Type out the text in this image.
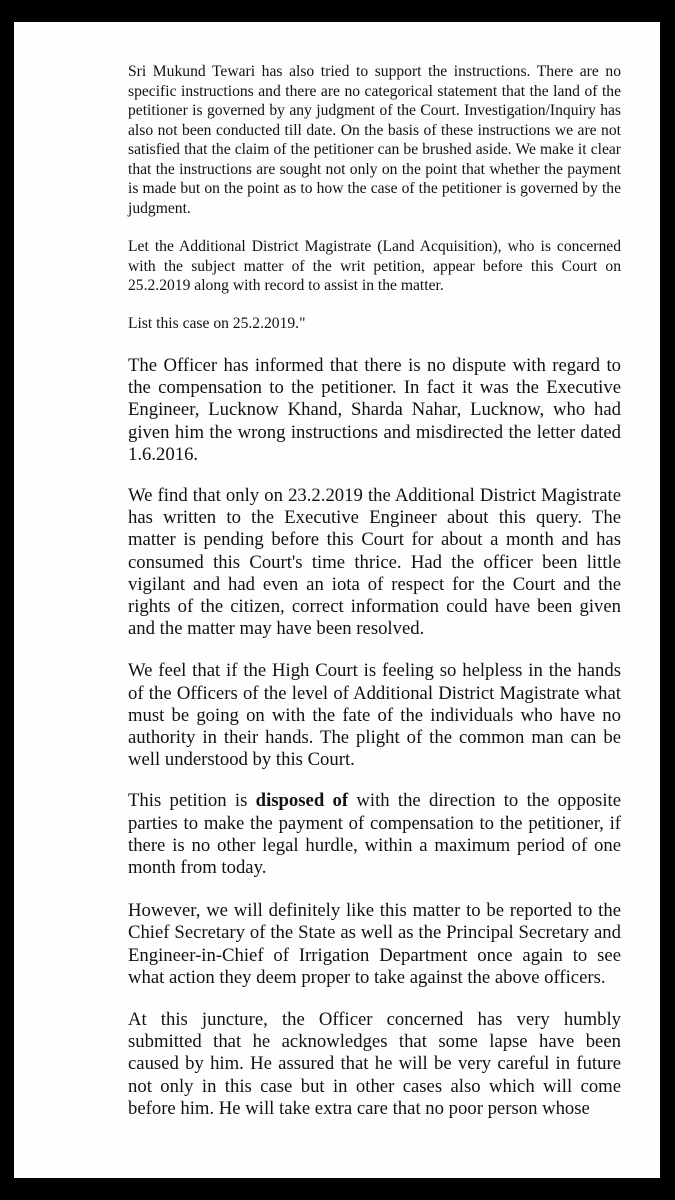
Sri Mukund Tewari has also tried to support the instructions. There are no specific instructions and there are no categorical statement that the land of the petitioner is governed by any judgment of the Court. Investigation/Inquiry has also not been conducted till date. On the basis of these instructions we are not satisfied that the claim of the petitioner can be brushed aside. We make it clear that the instructions are sought not only on the point that whether the payment is made but on the point as to how the case of the petitioner is governed by the judgment.

Let the Additional District Magistrate (Land Acquisition), who is concerned with the subject matter of the writ petition, appear before this Court on 25.2.2019 along with record to assist in the matter.

List this case on 25.2.2019."

The Officer has informed that there is no dispute with regard to the compensation to the petitioner. In fact it was the Executive Engineer, Lucknow Khand, Sharda Nahar, Lucknow, who had given him the wrong instructions and misdirected the letter dated 1.6.2016.

We find that only on 23.2.2019 the Additional District Magistrate has written to the Executive Engineer about this query. The matter is pending before this Court for about a month and has consumed this Court's time thrice. Had the officer been little vigilant and had even an iota of respect for the Court and the rights of the citizen, correct information could have been given and the matter may have been resolved.

We feel that if the High Court is feeling so helpless in the hands of the Officers of the level of Additional District Magistrate what must be going on with the fate of the individuals who have no authority in their hands. The plight of the common man can be well understood by this Court.

This petition is disposed of with the direction to the opposite parties to make the payment of compensation to the petitioner, if there is no other legal hurdle, within a maximum period of one month from today.

However, we will definitely like this matter to be reported to the Chief Secretary of the State as well as the Principal Secretary and Engineer-in-Chief of Irrigation Department once again to see what action they deem proper to take against the above officers.

At this juncture, the Officer concerned has very humbly submitted that he acknowledges that some lapse have been caused by him. He assured that he will be very careful in future not only in this case but in other cases also which will come before him. He will take extra care that no poor person whose
